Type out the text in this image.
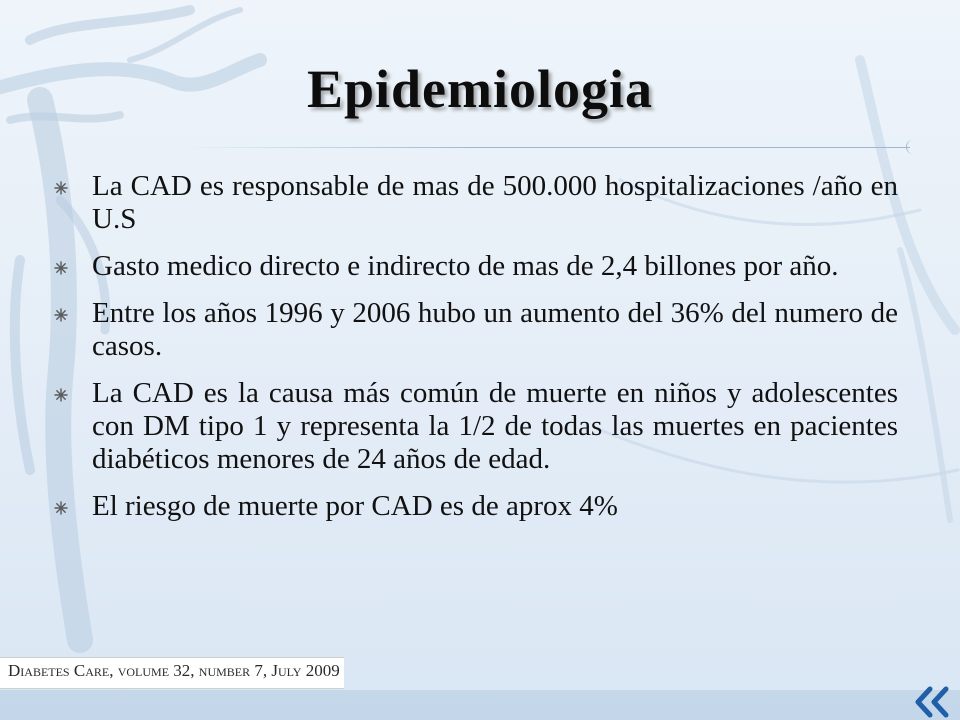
Epidemiologia
La CAD es responsable de mas de 500.000 hospitalizaciones /año en U.S
Gasto medico directo e indirecto de mas de 2,4 billones por año.
Entre los años 1996 y 2006 hubo un aumento del 36% del numero de casos.
La CAD es la causa más común de muerte en niños y adolescentes con DM tipo 1 y representa la 1/2 de todas las muertes en pacientes diabéticos menores de 24 años de edad.
El riesgo de muerte por CAD es de aprox 4%
Diabetes Care, volume 32, number 7, July 2009
